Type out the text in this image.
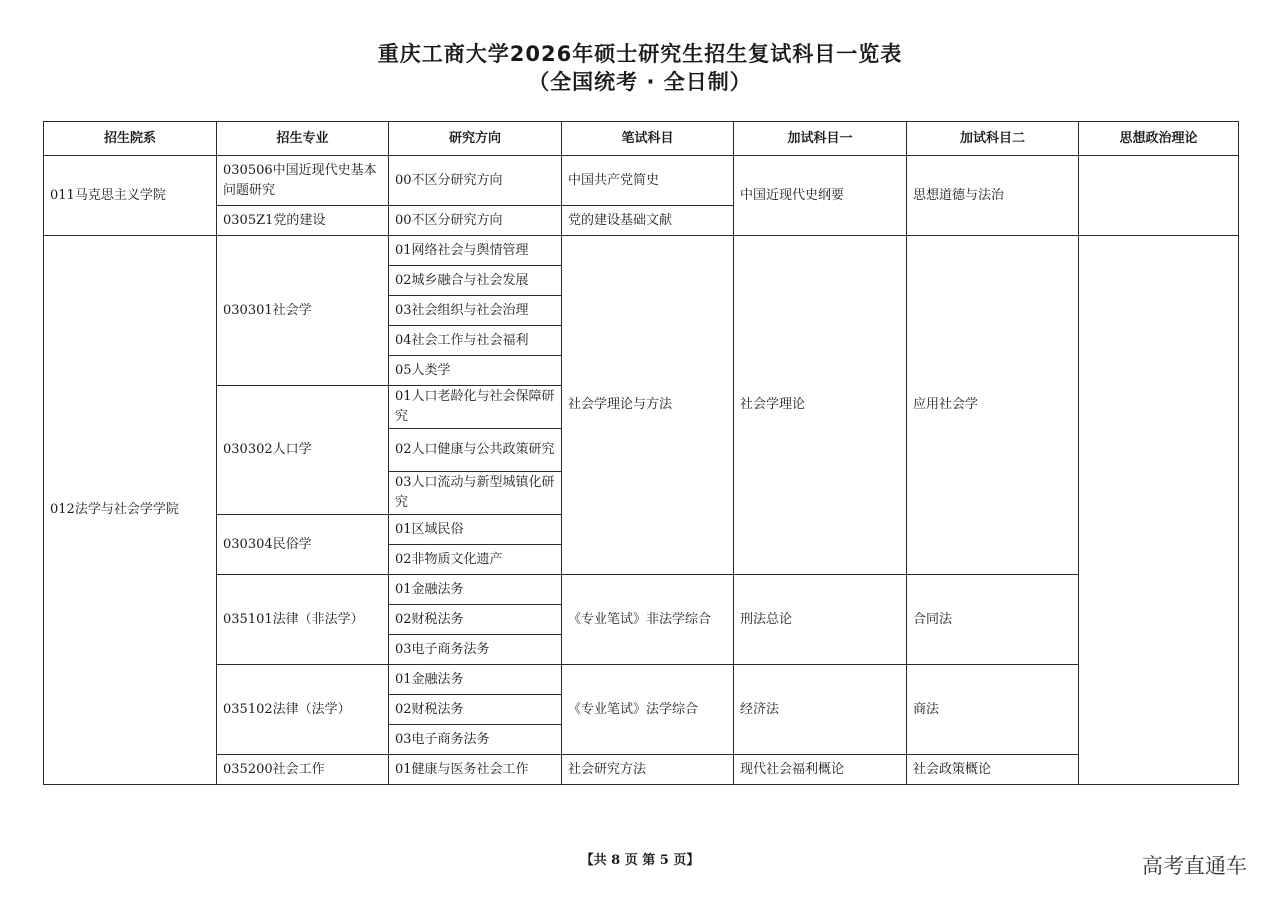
重庆工商大学2026年硕士研究生招生复试科目一览表
（全国统考 · 全日制）
招生院系	招生专业	研究方向	笔试科目	加试科目一	加试科目二	思想政治理论
011马克思主义学院	030506中国近现代史基本问题研究	00不区分研究方向	中国共产党简史	中国近现代史纲要	思想道德与法治	
	0305Z1党的建设	00不区分研究方向	党的建设基础文献			
012法学与社会学学院	030301社会学	01网络社会与舆情管理	社会学理论与方法	社会学理论	应用社会学	
		02城乡融合与社会发展				
		03社会组织与社会治理				
		04社会工作与社会福利				
		05人类学				
	030302人口学	01人口老龄化与社会保障研究				
		02人口健康与公共政策研究				
		03人口流动与新型城镇化研究				
	030304民俗学	01区域民俗				
		02非物质文化遗产				
	035101法律（非法学）	01金融法务	《专业笔试》非法学综合	刑法总论	合同法	
		02财税法务				
		03电子商务法务				
	035102法律（法学）	01金融法务	《专业笔试》法学综合	经济法	商法	
		02财税法务				
		03电子商务法务				
	035200社会工作	01健康与医务社会工作	社会研究方法	现代社会福利概论	社会政策概论	
【共 8 页 第 5 页】	高考直通车
